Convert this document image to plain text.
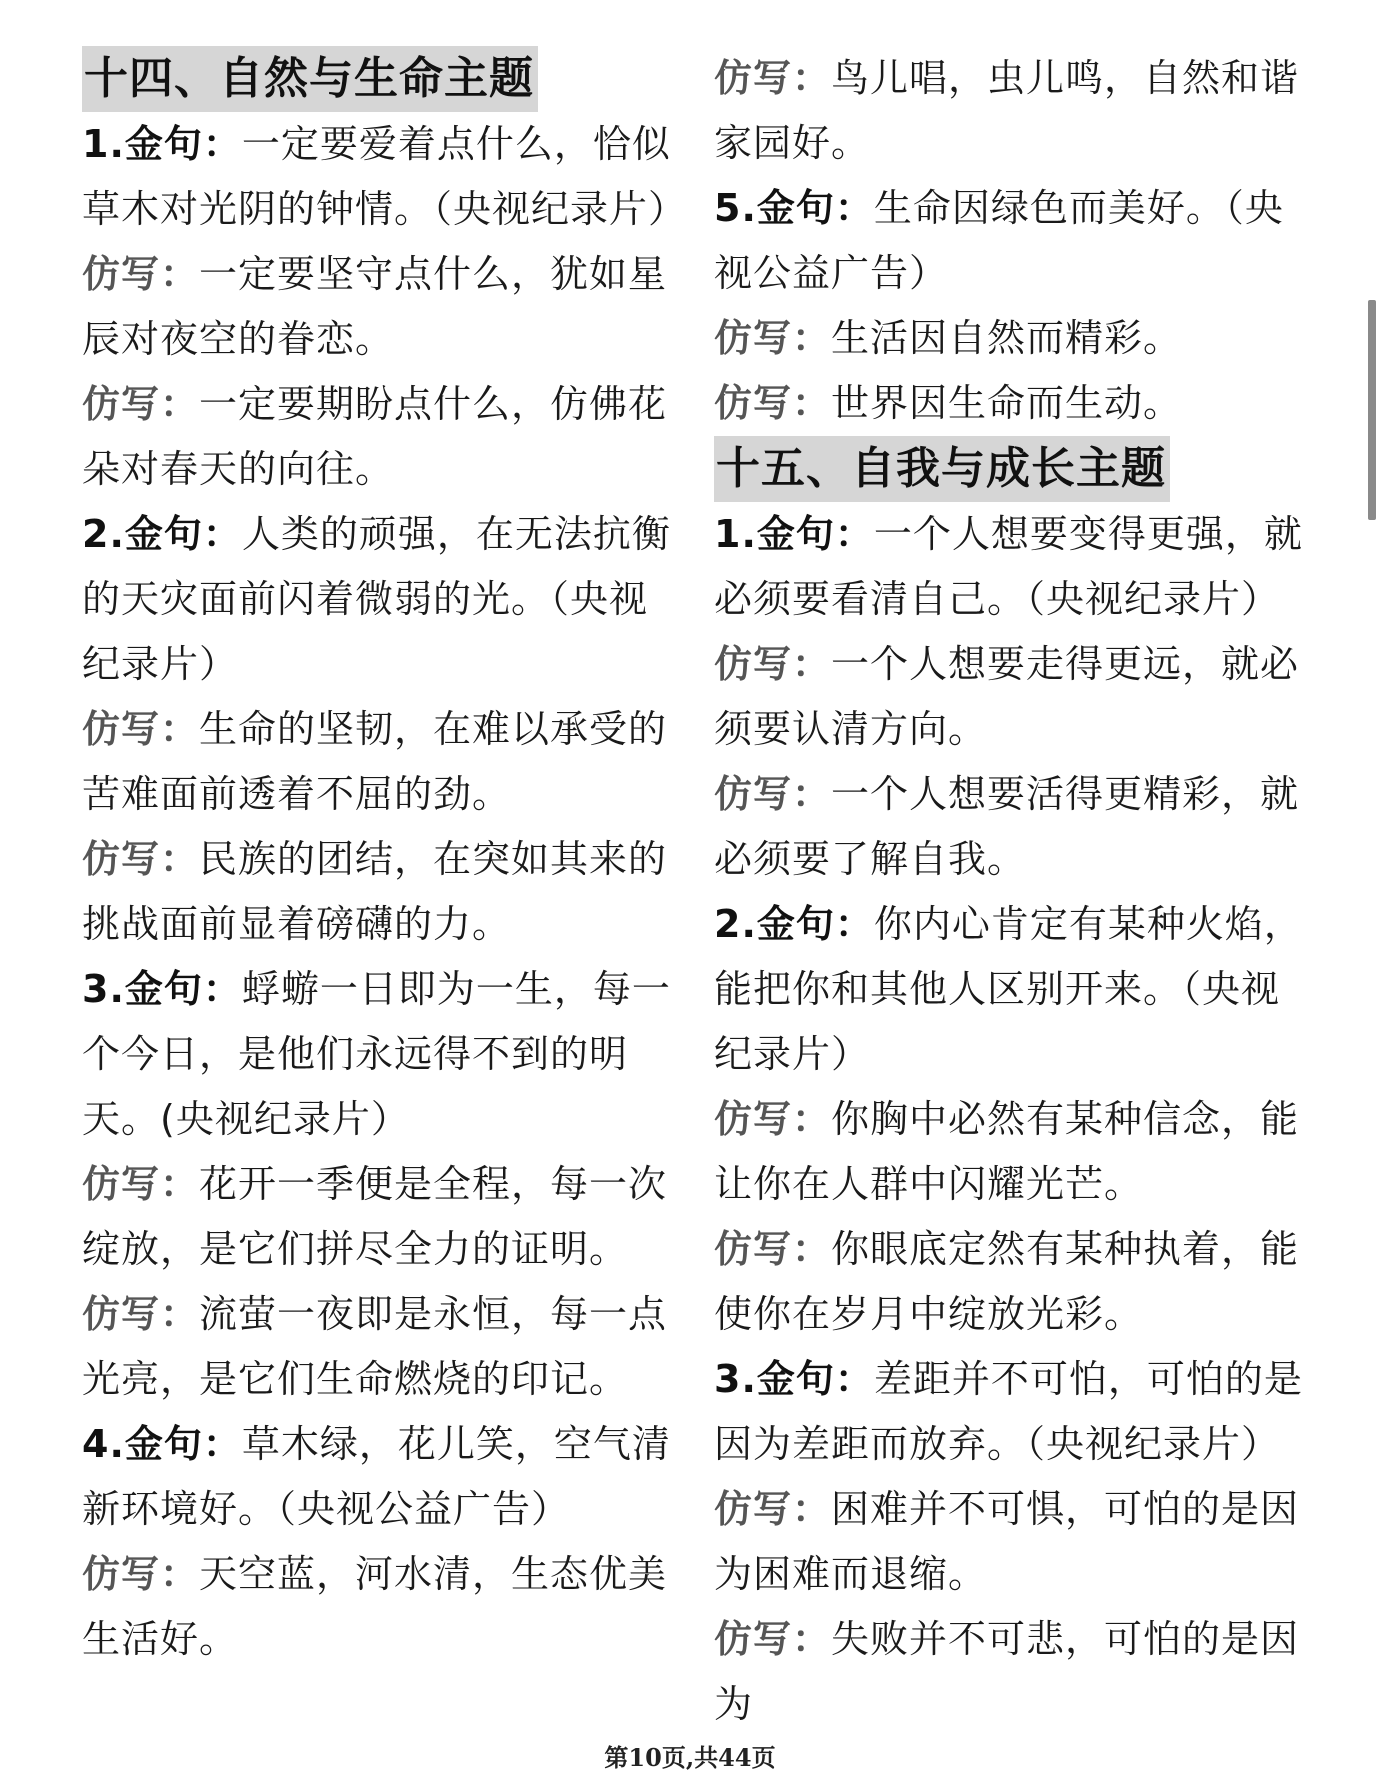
十四、自然与生命主题

1.金句：一定要爱着点什么，恰似草木对光阴的钟情。（央视纪录片）

仿写：一定要坚守点什么，犹如星辰对夜空的眷恋。

仿写：一定要期盼点什么，仿佛花朵对春天的向往。

2.金句：人类的顽强，在无法抗衡的天灾面前闪着微弱的光。（央视纪录片）

仿写：生命的坚韧，在难以承受的苦难面前透着不屈的劲。

仿写：民族的团结，在突如其来的挑战面前显着磅礴的力。

3.金句：蜉蝣一日即为一生，每一个今日，是他们永远得不到的明天。(央视纪录片）

仿写：花开一季便是全程，每一次绽放，是它们拼尽全力的证明。

仿写：流萤一夜即是永恒，每一点光亮，是它们生命燃烧的印记。

4.金句：草木绿，花儿笑，空气清新环境好。（央视公益广告）

仿写：天空蓝，河水清，生态优美生活好。

仿写：鸟儿唱，虫儿鸣，自然和谐家园好。

5.金句：生命因绿色而美好。（央视公益广告）

仿写：生活因自然而精彩。

仿写：世界因生命而生动。

十五、自我与成长主题

1.金句：一个人想要变得更强，就必须要看清自己。（央视纪录片）

仿写：一个人想要走得更远，就必须要认清方向。

仿写：一个人想要活得更精彩，就必须要了解自我。

2.金句：你内心肯定有某种火焰，能把你和其他人区别开来。（央视纪录片）

仿写：你胸中必然有某种信念，能让你在人群中闪耀光芒。

仿写：你眼底定然有某种执着，能使你在岁月中绽放光彩。

3.金句：差距并不可怕，可怕的是因为差距而放弃。（央视纪录片）

仿写：困难并不可惧，可怕的是因为困难而退缩。

仿写：失败并不可悲，可怕的是因为

第10页,共44页
